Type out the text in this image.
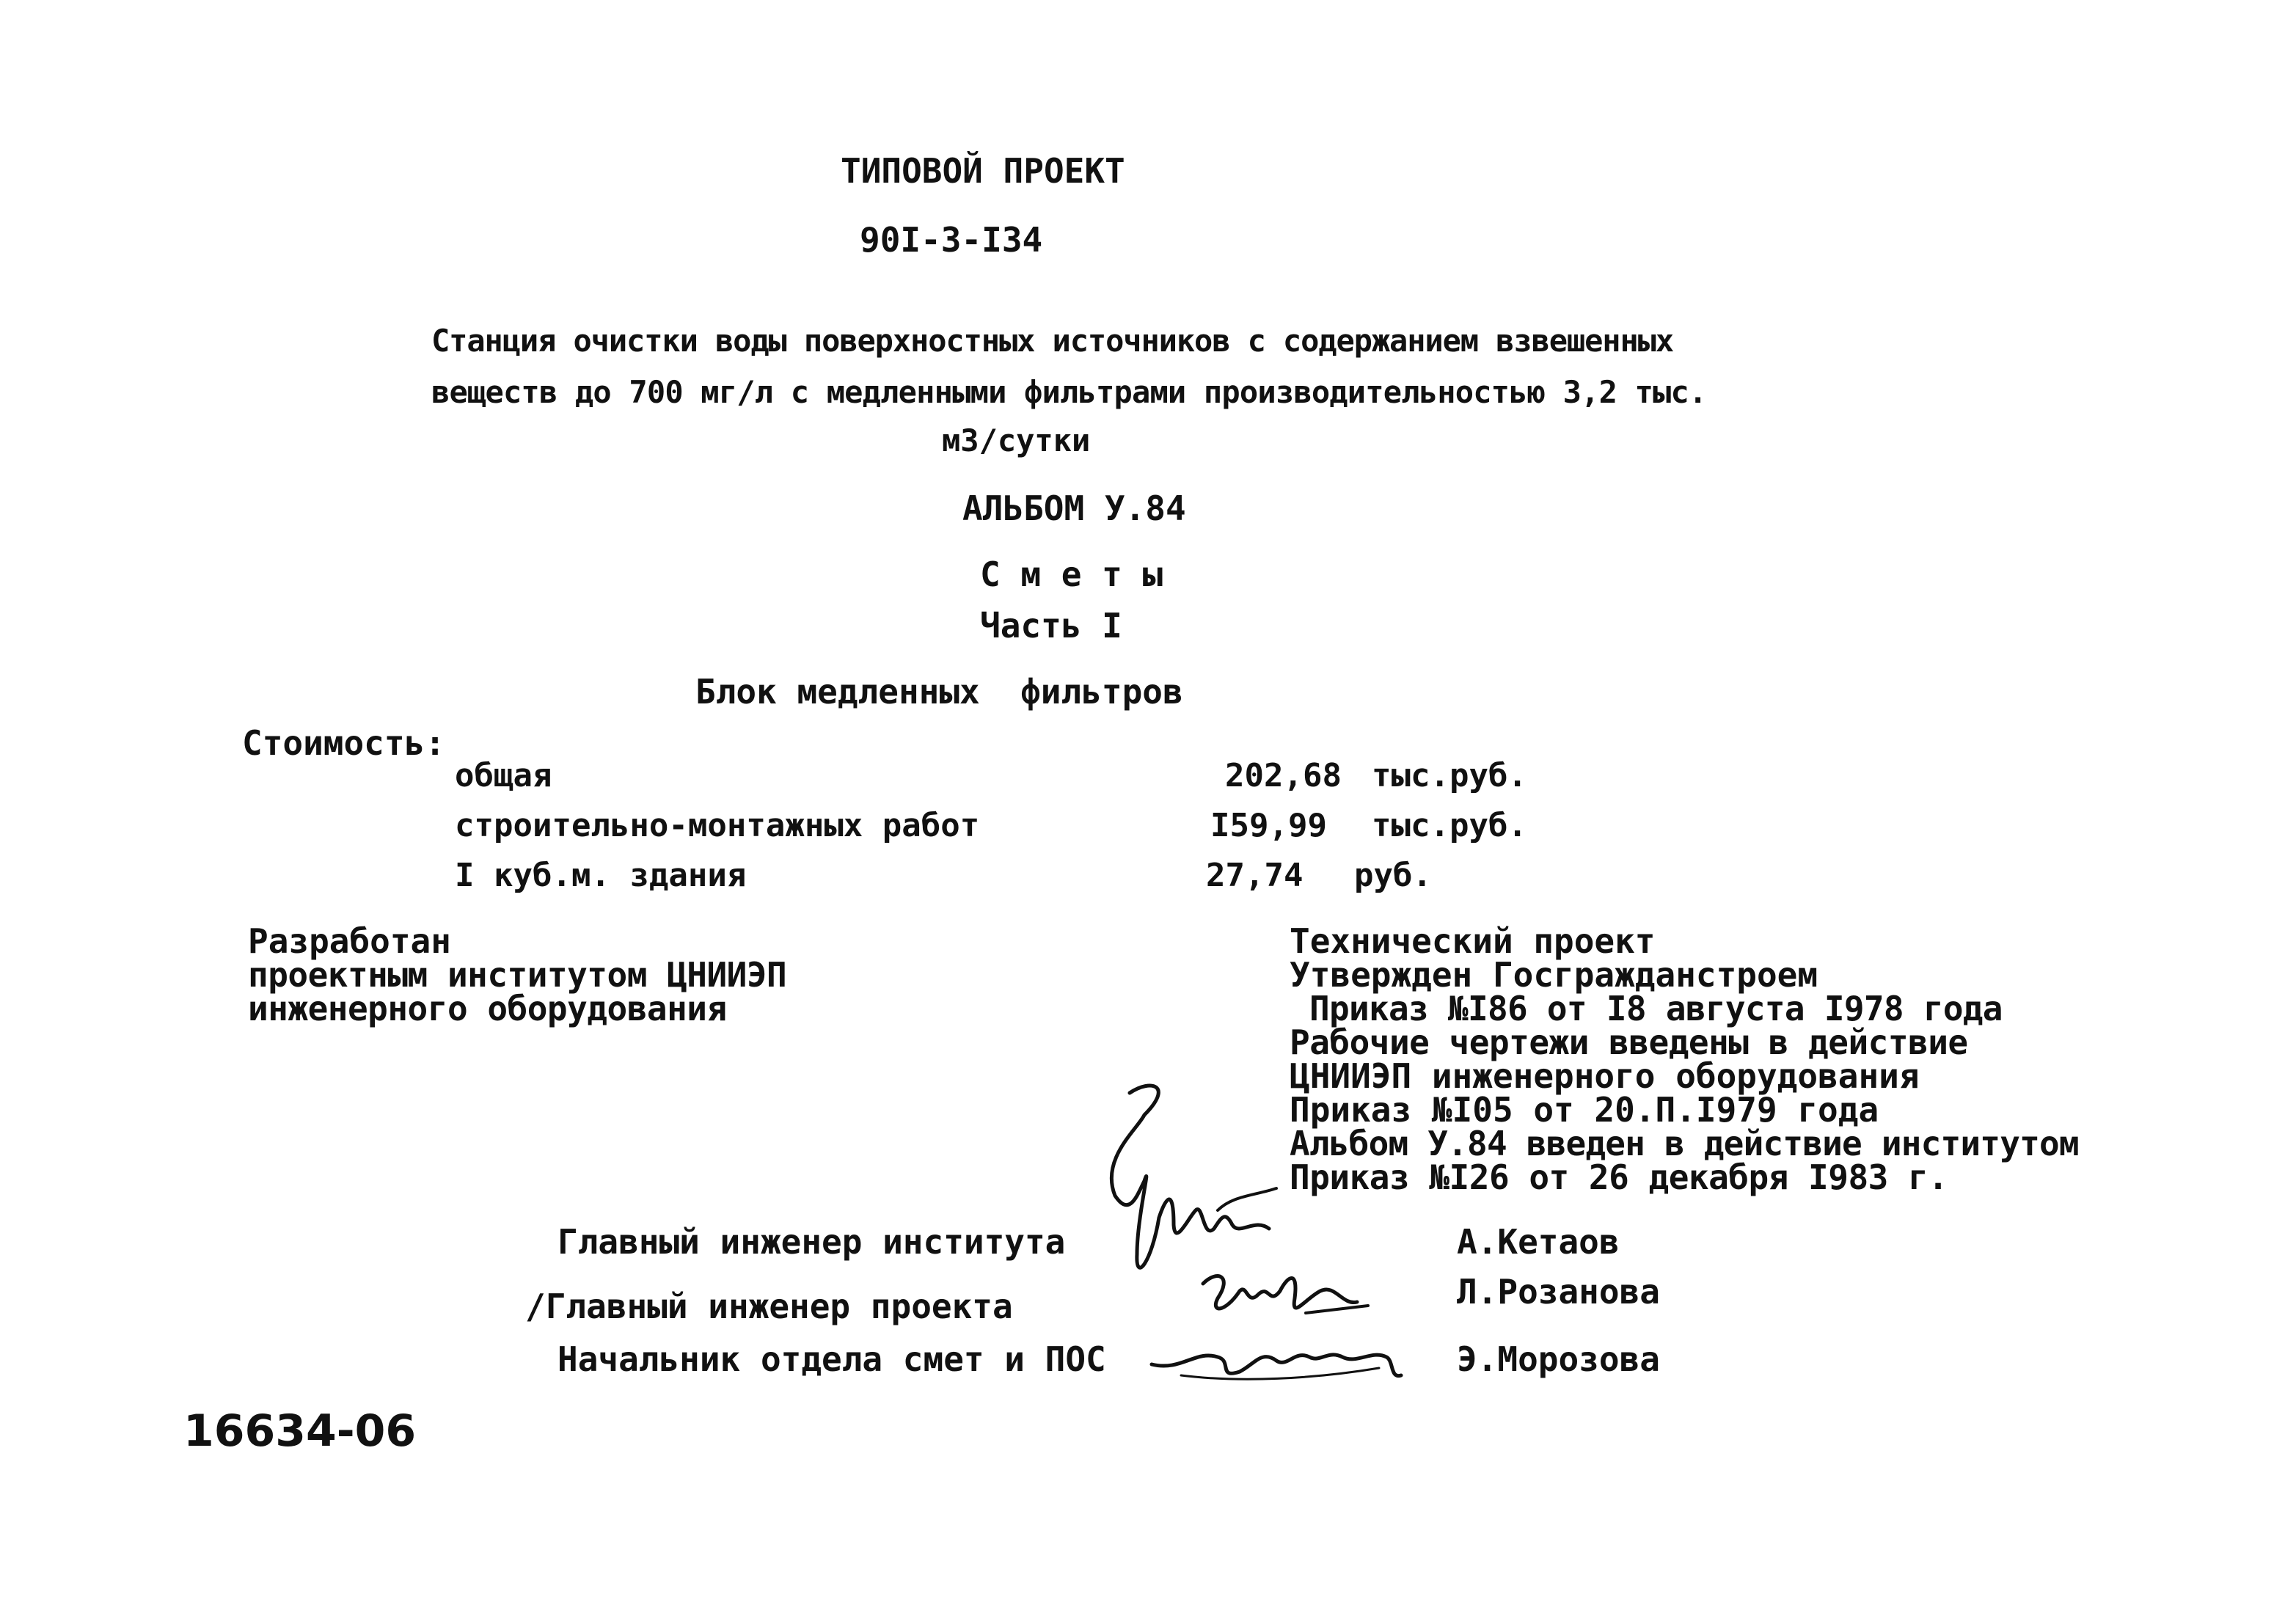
ТИПОВОЙ ПРОЕКТ
90I-3-I34
Станция очистки воды поверхностных источников с содержанием взвешенных
веществ до 700 мг/л с медленными фильтрами производительностью 3,2 тыс.
м3/сутки
АЛЬБОМ У.84
С м е т ы
Часть I
Блок медленных  фильтров
Стоимость:
общая	202,68 тыс.руб.
строительно-монтажных работ	I59,99 тыс.руб.
I куб.м. здания	27,74 руб.
Разработан
проектным институтом ЦНИИЭП
инженерного оборудования
Технический проект
Утвержден Госгражданстроем
Приказ №I86 от I8 августа I978 года
Рабочие чертежи введены в действие
ЦНИИЭП инженерного оборудования
Приказ №I05 от 20.П.I979 года
Альбом У.84 введен в действие институтом
Приказ №I26 от 26 декабря I983 г.
Главный инженер института	А.Кетаов
/Главный инженер проекта	Л.Розанова
Начальник отдела смет и ПОС	Э.Морозова
16634-06
